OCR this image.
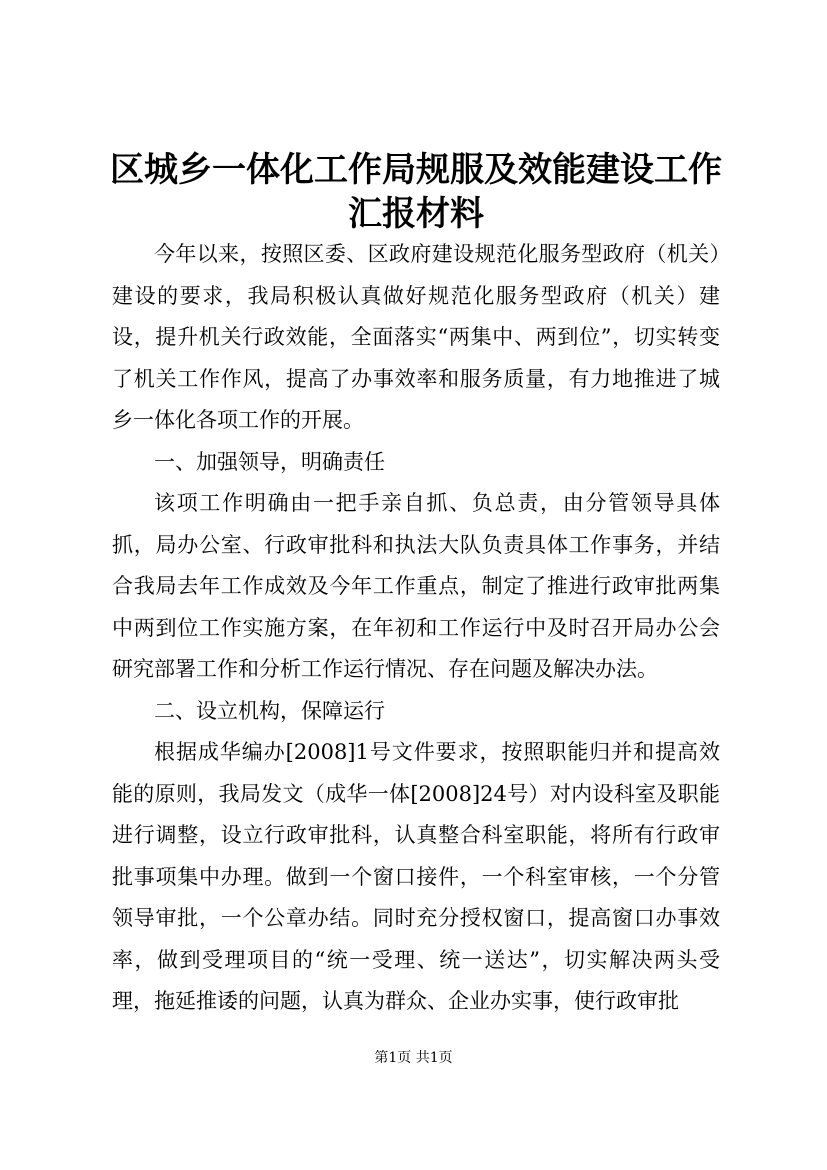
区城乡一体化工作局规服及效能建设工作汇报材料

今年以来，按照区委、区政府建设规范化服务型政府（机关）建设的要求，我局积极认真做好规范化服务型政府（机关）建设，提升机关行政效能，全面落实“两集中、两到位”，切实转变了机关工作作风，提高了办事效率和服务质量，有力地推进了城乡一体化各项工作的开展。

一、加强领导，明确责任

该项工作明确由一把手亲自抓、负总责，由分管领导具体抓，局办公室、行政审批科和执法大队负责具体工作事务，并结合我局去年工作成效及今年工作重点，制定了推进行政审批两集中两到位工作实施方案，在年初和工作运行中及时召开局办公会研究部署工作和分析工作运行情况、存在问题及解决办法。

二、设立机构，保障运行

根据成华编办[2008]1号文件要求，按照职能归并和提高效能的原则，我局发文（成华一体[2008]24号）对内设科室及职能进行调整，设立行政审批科，认真整合科室职能，将所有行政审批事项集中办理。做到一个窗口接件，一个科室审核，一个分管领导审批，一个公章办结。同时充分授权窗口，提高窗口办事效率，做到受理项目的“统一受理、统一送达”，切实解决两头受理，拖延推诿的问题，认真为群众、企业办实事，使行政审批

第1页 共1页
